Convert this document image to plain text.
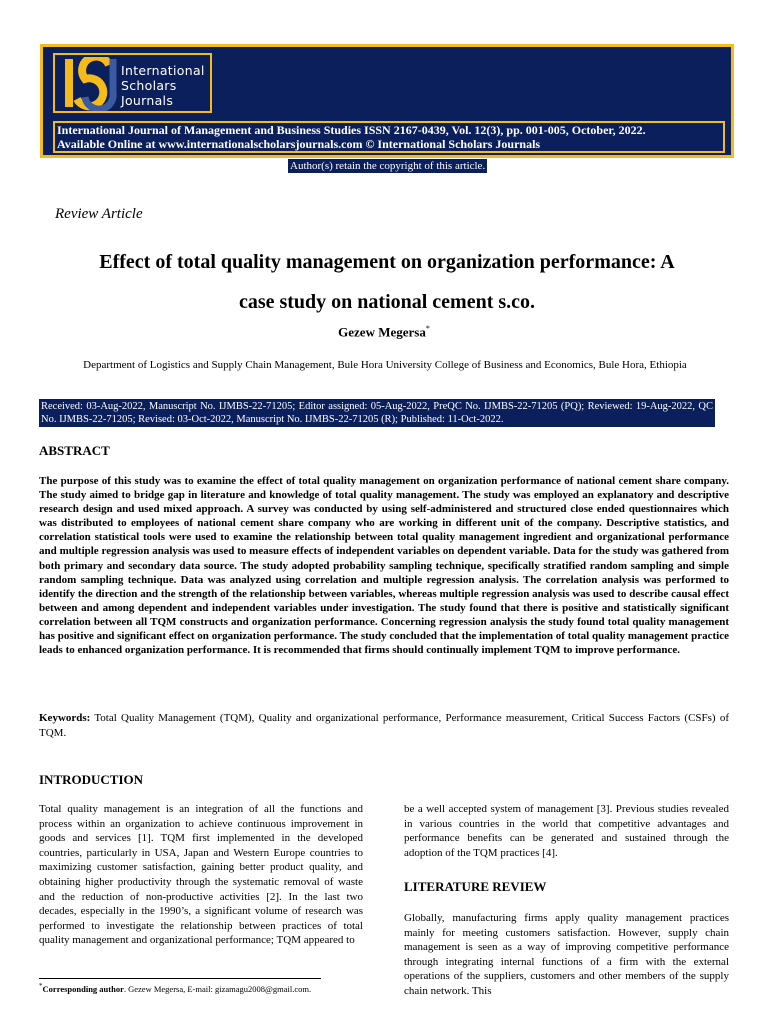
International
Scholars
Journals
International Journal of Management and Business Studies ISSN 2167-0439, Vol. 12(3), pp. 001-005, October, 2022.
Available Online at www.internationalscholarsjournals.com © International Scholars Journals
Author(s) retain the copyright of this article.
Review Article
Effect of total quality management on organization performance: A
case study on national cement s.co.
Gezew Megersa*
Department of Logistics and Supply Chain Management, Bule Hora University College of Business and Economics, Bule Hora, Ethiopia
Received: 03-Aug-2022, Manuscript No. IJMBS-22-71205; Editor assigned: 05-Aug-2022, PreQC No. IJMBS-22-71205 (PQ); Reviewed: 19-Aug-2022, QC No. IJMBS-22-71205; Revised: 03-Oct-2022, Manuscript No. IJMBS-22-71205 (R); Published: 11-Oct-2022.
ABSTRACT

The purpose of this study was to examine the effect of total quality management on organization performance of national cement share company. The study aimed to bridge gap in literature and knowledge of total quality management. The study was employed an explanatory and descriptive research design and used mixed approach. A survey was conducted by using self-administered and structured close ended questionnaires which was distributed to employees of national cement share company who are working in different unit of the company. Descriptive statistics, and correlation statistical tools were used to examine the relationship between total quality management ingredient and organizational performance and multiple regression analysis was used to measure effects of independent variables on dependent variable. Data for the study was gathered from both primary and secondary data source. The study adopted probability sampling technique, specifically stratified random sampling and simple random sampling technique. Data was analyzed using correlation and multiple regression analysis. The correlation analysis was performed to identify the direction and the strength of the relationship between variables, whereas multiple regression analysis was used to describe causal effect between and among dependent and independent variables under investigation. The study found that there is positive and statistically significant correlation between all TQM constructs and organization performance. Concerning regression analysis the study found total quality management has positive and significant effect on organization performance. The study concluded that the implementation of total quality management practice leads to enhanced organization performance. It is recommended that firms should continually implement TQM to improve performance.

Keywords: Total Quality Management (TQM), Quality and organizational performance, Performance measurement, Critical Success Factors (CSFs) of TQM.

INTRODUCTION

Total quality management is an integration of all the functions and process within an organization to achieve continuous improvement in goods and services [1]. TQM first implemented in the developed countries, particularly in USA, Japan and Western Europe countries to maximizing customer satisfaction, gaining better product quality, and obtaining higher productivity through the systematic removal of waste and the reduction of non-productive activities [2]. In the last two decades, especially in the 1990’s, a significant volume of research was performed to investigate the relationship between practices of total quality management and organizational performance; TQM appeared to

be a well accepted system of management [3]. Previous studies revealed in various countries in the world that competitive advantages and performance benefits can be generated and sustained through the adoption of the TQM practices [4].

LITERATURE REVIEW

Globally, manufacturing firms apply quality management practices mainly for meeting customers satisfaction. However, supply chain management is seen as a way of improving competitive performance through integrating internal functions of a firm with the external operations of the suppliers, customers and other members of the supply chain network. This

*Corresponding author. Gezew Megersa, E-mail: gizamagu2008@gmail.com.
